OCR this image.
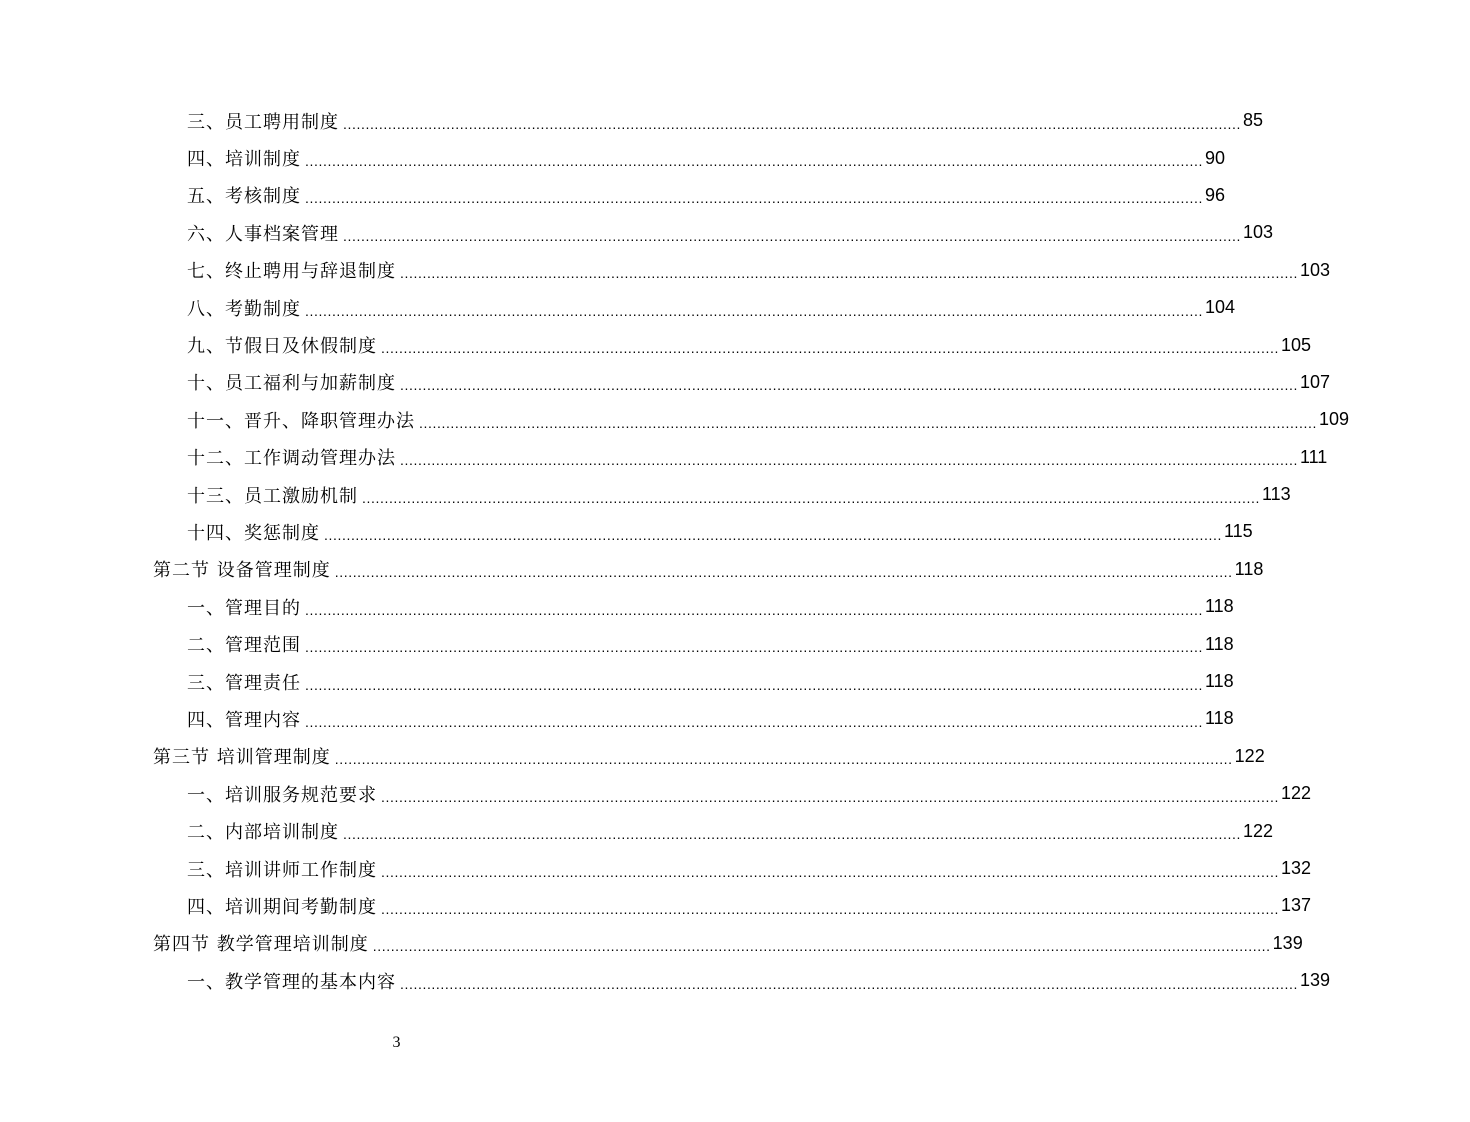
三、员工聘用制度 ........................................................................................................................................................................................................ 85
四、培训制度 ........................................................................................................................................................................................................ 90
五、考核制度 ........................................................................................................................................................................................................ 96
六、人事档案管理 ........................................................................................................................................................................................................ 103
七、终止聘用与辞退制度 ........................................................................................................................................................................................................ 103
八、考勤制度 ........................................................................................................................................................................................................ 104
九、节假日及休假制度 ........................................................................................................................................................................................................ 105
十、员工福利与加薪制度 ........................................................................................................................................................................................................ 107
十一、晋升、降职管理办法 ........................................................................................................................................................................................................ 109
十二、工作调动管理办法 ........................................................................................................................................................................................................ 111
十三、员工激励机制 ........................................................................................................................................................................................................ 113
十四、奖惩制度 ........................................................................................................................................................................................................ 115
第二节 设备管理制度 ........................................................................................................................................................................................................ 118
一、管理目的 ........................................................................................................................................................................................................ 118
二、管理范围 ........................................................................................................................................................................................................ 118
三、管理责任 ........................................................................................................................................................................................................ 118
四、管理内容 ........................................................................................................................................................................................................ 118
第三节 培训管理制度 ........................................................................................................................................................................................................ 122
一、培训服务规范要求 ........................................................................................................................................................................................................ 122
二、内部培训制度 ........................................................................................................................................................................................................ 122
三、培训讲师工作制度 ........................................................................................................................................................................................................ 132
四、培训期间考勤制度 ........................................................................................................................................................................................................ 137
第四节 教学管理培训制度 ........................................................................................................................................................................................................ 139
一、教学管理的基本内容 ........................................................................................................................................................................................................ 139
3
